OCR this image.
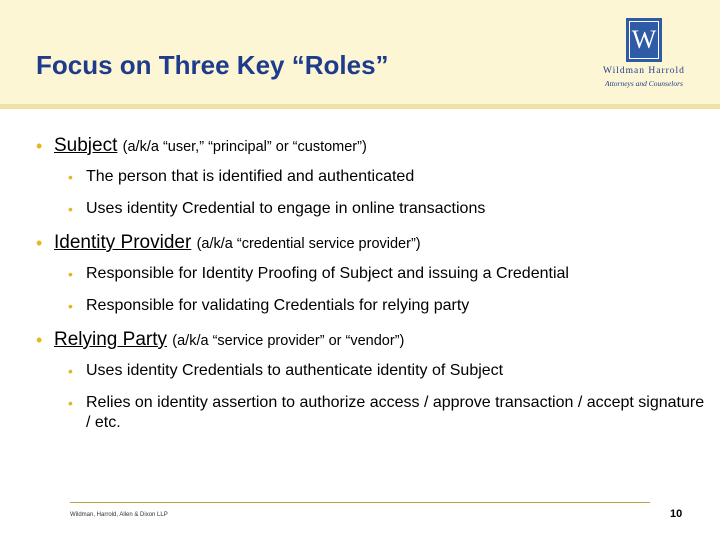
Focus on Three Key “Roles”
W
Wildman Harrold
Attorneys and Counselors
• Subject (a/k/a “user,” “principal” or “customer”)
• The person that is identified and authenticated
• Uses identity Credential to engage in online transactions
• Identity Provider (a/k/a “credential service provider”)
• Responsible for Identity Proofing of Subject and issuing a Credential
• Responsible for validating Credentials for relying party
• Relying Party (a/k/a “service provider” or “vendor”)
• Uses identity Credentials to authenticate identity of Subject
• Relies on identity assertion to authorize access / approve transaction / accept signature / etc.
Wildman, Harrold, Allen & Dixon LLP	10
